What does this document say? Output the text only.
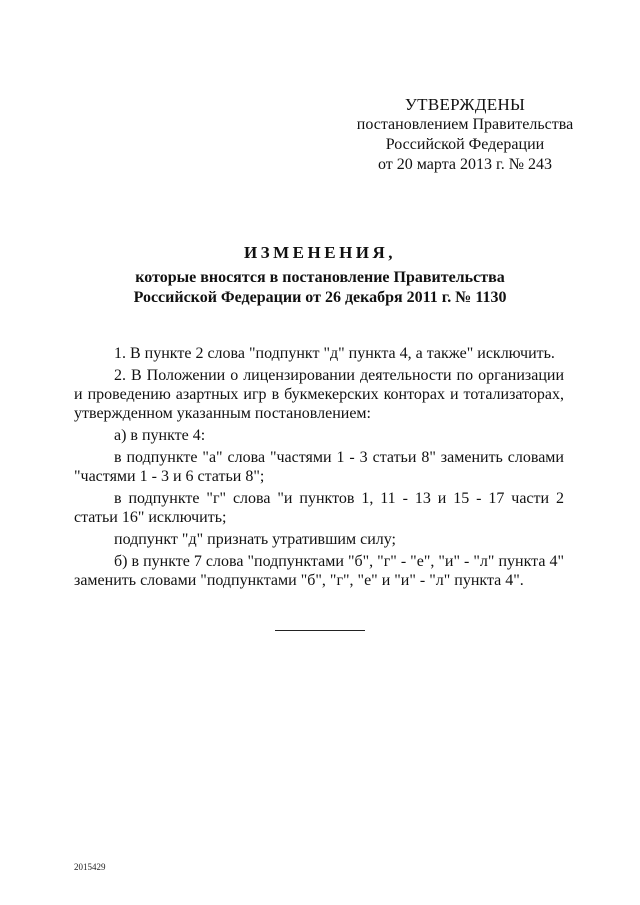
УТВЕРЖДЕНЫ
постановлением Правительства
Российской Федерации
от 20 марта 2013 г. № 243
ИЗМЕНЕНИЯ,
которые вносятся в постановление Правительства
Российской Федерации от 26 декабря 2011 г. № 1130

1. В пункте 2 слова "подпункт "д" пункта 4, а также" исключить.

2. В Положении о лицензировании деятельности по организации и проведению азартных игр в букмекерских конторах и тотализаторах, утвержденном указанным постановлением:

а) в пункте 4:

в подпункте "а" слова "частями 1 - 3 статьи 8" заменить словами "частями 1 - 3 и 6 статьи 8";

в подпункте "г" слова "и пунктов 1, 11 - 13 и 15 - 17 части 2 статьи 16" исключить;

подпункт "д" признать утратившим силу;

б) в пункте 7 слова "подпунктами "б", "г" - "е", "и" - "л" пункта 4" заменить словами "подпунктами "б", "г", "е" и "и" - "л" пункта 4".

2015429
